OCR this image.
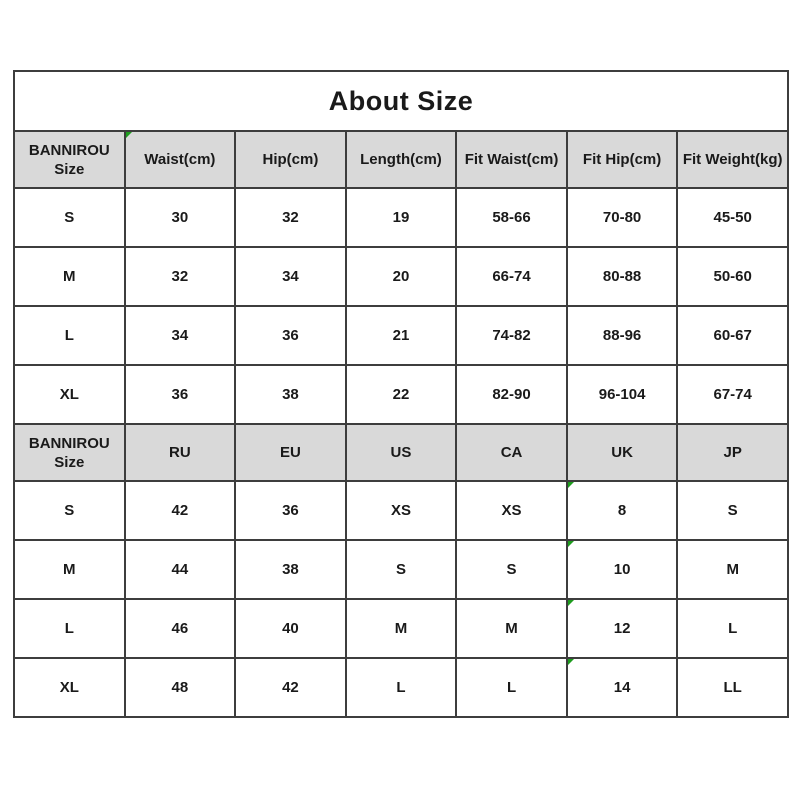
About Size						
BANNIROU Size	Waist(cm)	Hip(cm)	Length(cm)	Fit Waist(cm)	Fit Hip(cm)	Fit Weight(kg)
S	30	32	19	58-66	70-80	45-50
M	32	34	20	66-74	80-88	50-60
L	34	36	21	74-82	88-96	60-67
XL	36	38	22	82-90	96-104	67-74
BANNIROU Size	RU	EU	US	CA	UK	JP
S	42	36	XS	XS	8	S
M	44	38	S	S	10	M
L	46	40	M	M	12	L
XL	48	42	L	L	14	LL
